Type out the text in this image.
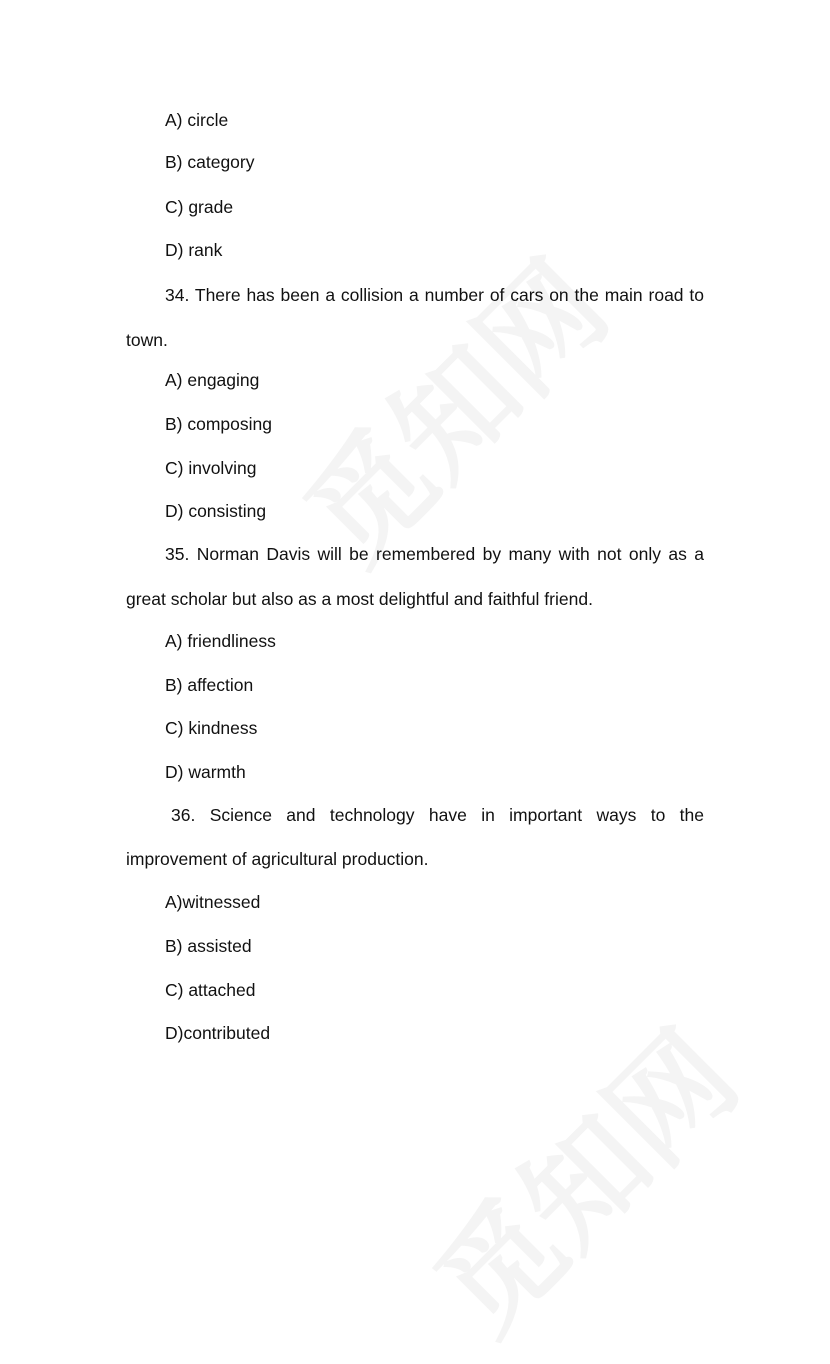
A) circle
B) category
C) grade
D) rank
34. There has been a collision a number of cars on the main road to
town.
A) engaging
B) composing
C) involving
D) consisting
35. Norman Davis will be remembered by many with not only as a
great scholar but also as a most delightful and faithful friend.
A) friendliness
B) affection
C) kindness
D) warmth
36. Science and technology have in important ways to the
improvement of agricultural production.
A)witnessed
B) assisted
C) attached
D)contributed
